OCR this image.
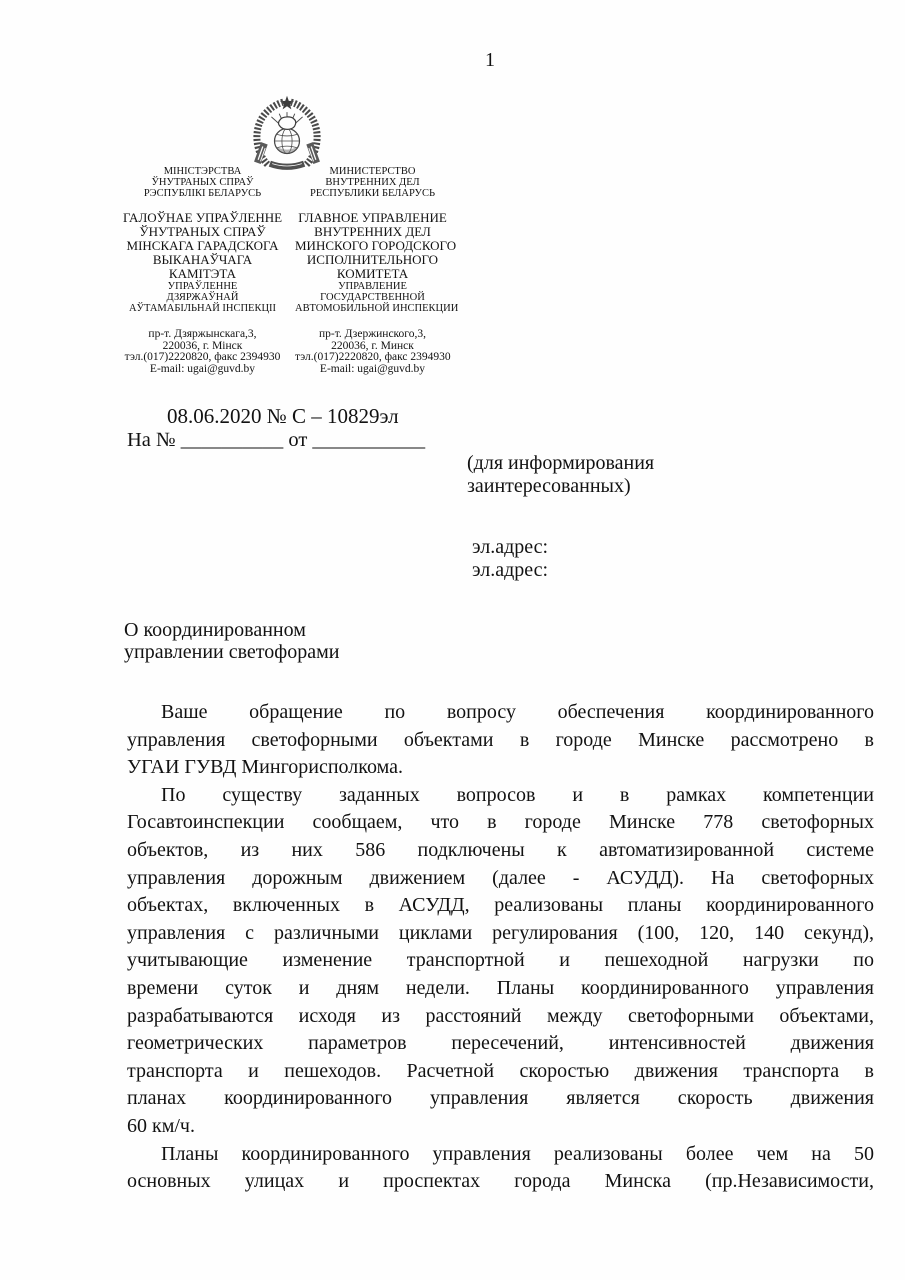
1
МІНІСТЭРСТВА
ЎНУТРАНЫХ СПРАЎ
РЭСПУБЛІКІ БЕЛАРУСЬ
ГАЛОЎНАЕ УПРАЎЛЕННЕ
ЎНУТРАНЫХ СПРАЎ
МІНСКАГА ГАРАДСКОГА
ВЫКАНАЎЧАГА
КАМІТЭТА
УПРАЎЛЕННЕ
ДЗЯРЖАЎНАЙ
АЎТАМАБІЛЬНАЙ ІНСПЕКЦІІ
пр-т. Дзяржынскага,3,
220036, г. Мінск
тэл.(017)2220820, факс 2394930
E-mail: ugai@guvd.by
МИНИСТЕРСТВО
ВНУТРЕННИХ ДЕЛ
РЕСПУБЛИКИ БЕЛАРУСЬ
ГЛАВНОЕ УПРАВЛЕНИЕ
ВНУТРЕННИХ ДЕЛ
МИНСКОГО ГОРОДСКОГО
ИСПОЛНИТЕЛЬНОГО
КОМИТЕТА
УПРАВЛЕНИЕ
ГОСУДАРСТВЕННОЙ
АВТОМОБИЛЬНОЙ ИНСПЕКЦИИ
пр-т. Дзержинского,3,
220036, г. Минск
тэл.(017)2220820, факс 2394930
E-mail: ugai@guvd.by
08.06.2020 № С – 10829эл
На № __________ от ___________
(для информирования
заинтересованных)
эл.адрес:
эл.адрес:
О координированном
управлении светофорами
Ваше обращение по вопросу обеспечения координированного
управления светофорными объектами в городе Минске рассмотрено в
УГАИ ГУВД Мингорисполкома.
По существу заданных вопросов и в рамках компетенции
Госавтоинспекции сообщаем, что в городе Минске 778 светофорных
объектов, из них 586 подключены к автоматизированной системе
управления дорожным движением (далее - АСУДД). На светофорных
объектах, включенных в АСУДД, реализованы планы координированного
управления с различными циклами регулирования (100, 120, 140 секунд),
учитывающие изменение транспортной и пешеходной нагрузки по
времени суток и дням недели. Планы координированного управления
разрабатываются исходя из расстояний между светофорными объектами,
геометрических параметров пересечений, интенсивностей движения
транспорта и пешеходов. Расчетной скоростью движения транспорта в
планах координированного управления является скорость движения
60 км/ч.
Планы координированного управления реализованы более чем на 50
основных улицах и проспектах города Минска (пр.Независимости,
